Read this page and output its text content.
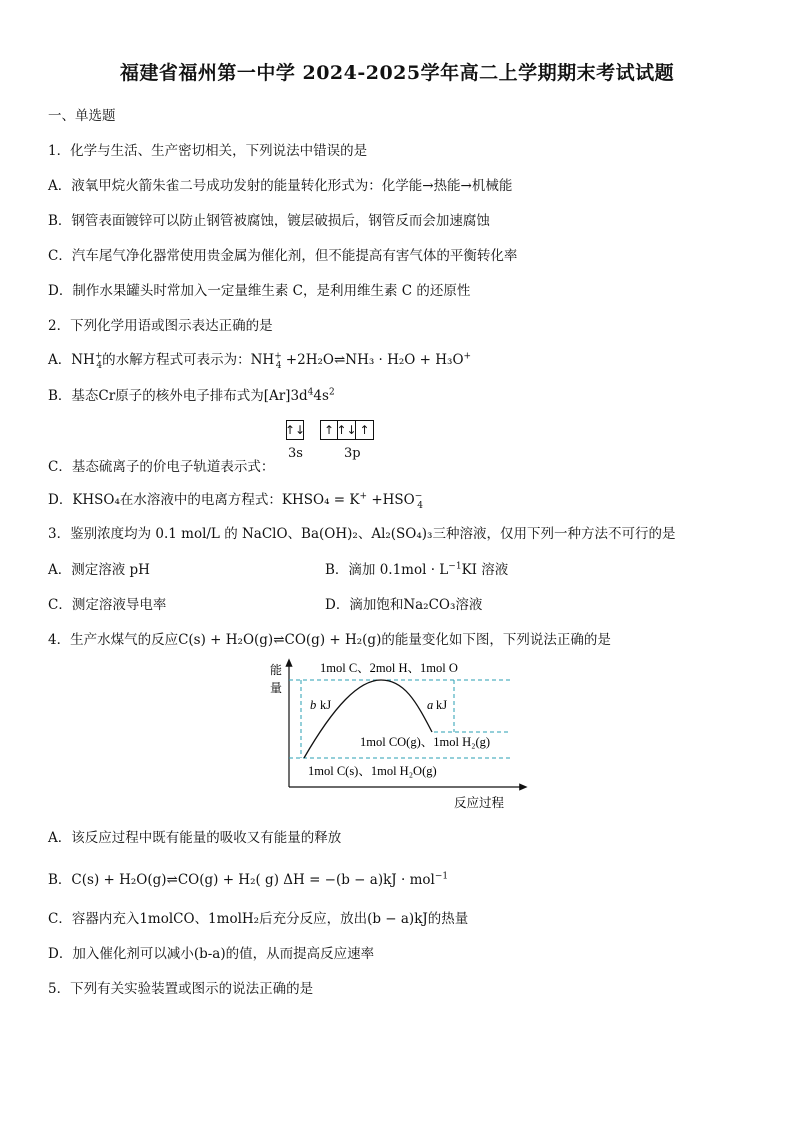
福建省福州第一中学 2024-2025学年高二上学期期末考试试题
一、单选题
1．化学与生活、生产密切相关，下列说法中错误的是
A．液氧甲烷火箭朱雀二号成功发射的能量转化形式为：化学能→热能→机械能
B．钢管表面镀锌可以防止钢管被腐蚀，镀层破损后，钢管反而会加速腐蚀
C．汽车尾气净化器常使用贵金属为催化剂，但不能提高有害气体的平衡转化率
D．制作水果罐头时常加入一定量维生素 C，是利用维生素 C 的还原性
2．下列化学用语或图示表达正确的是
A．$NH^+_4$的水解方程式可表示为：$NH^+_4$ +2H₂O⇌NH₃ · H₂O + H₃O+
B．基态Cr原子的核外电子排布式为$[Ar]3d^44s^2$
C．基态硫离子的价电子轨道表示式：
↑↓	↑ ↑↓ ↑
3s	3p
D．KHSO₄在水溶液中的电离方程式：KHSO₄ = $K^+ +HSO^-_4$
3．鉴别浓度均为 0.1 mol/L 的 NaClO、Ba(OH)₂、Al₂(SO₄)₃三种溶液，仅用下列一种方法不可行的是
A．测定溶液 pH	B．滴加 $0.1mol \cdot L^{-1}KI$ 溶液
C．测定溶液导电率	D．滴加饱和Na₂CO₃溶液
4．生产水煤气的反应C(s) + H₂O(g)⇌CO(g) + H₂(g)的能量变化如下图，下列说法正确的是
能
量
反应过程
1mol C、2mol H、1mol O
1mol CO(g)、1mol H₂(g)
1mol C(s)、1mol H₂O(g)
b kJ	a kJ
A．该反应过程中既有能量的吸收又有能量的释放
B．C(s) + H₂O(g)⇌CO(g) + H₂( g) ΔH = −(b − a)kJ · mol$^{-1}$
C．容器内充入1molCO、1molH₂后充分反应，放出(b − a)kJ的热量
D．加入催化剂可以减小(b-a)的值，从而提高反应速率
5．下列有关实验装置或图示的说法正确的是
